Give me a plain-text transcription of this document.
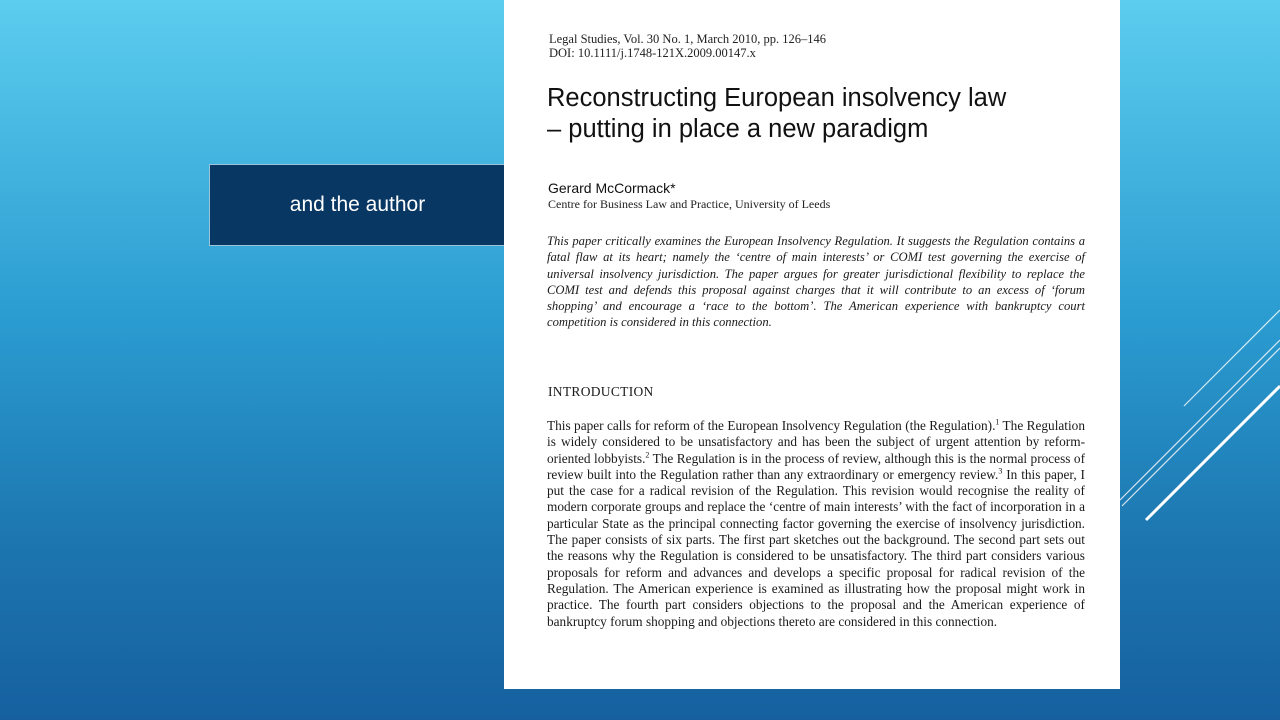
and the author
Legal Studies, Vol. 30 No. 1, March 2010, pp. 126–146
DOI: 10.1111/j.1748-121X.2009.00147.x
Reconstructing European insolvency law
– putting in place a new paradigm
Gerard McCormack*
Centre for Business Law and Practice, University of Leeds

This paper critically examines the European Insolvency Regulation. It suggests the Regulation contains a fatal flaw at its heart; namely the ‘centre of main interests’ or COMI test governing the exercise of universal insolvency jurisdiction. The paper argues for greater jurisdictional flexibility to replace the COMI test and defends this proposal against charges that it will contribute to an excess of ‘forum shopping’ and encourage a ‘race to the bottom’. The American experience with bankruptcy court competition is considered in this connection.

INTRODUCTION

This paper calls for reform of the European Insolvency Regulation (the Regulation).$^1$ The Regulation is widely considered to be unsatisfactory and has been the subject of urgent attention by reform-oriented lobbyists.$^2$ The Regulation is in the process of review, although this is the normal process of review built into the Regulation rather than any extraordinary or emergency review.$^3$ In this paper, I put the case for a radical revision of the Regulation. This revision would recognise the reality of modern corporate groups and replace the ‘centre of main interests’ with the fact of incorporation in a particular State as the principal connecting factor governing the exercise of insolvency jurisdiction. The paper consists of six parts. The first part sketches out the background. The second part sets out the reasons why the Regulation is considered to be unsatisfactory. The third part considers various proposals for reform and advances and develops a specific proposal for radical revision of the Regulation. The American experience is examined as illustrating how the proposal might work in practice. The fourth part considers objections to the proposal and the American experience of bankruptcy forum shopping and objections thereto are considered in this connection.
